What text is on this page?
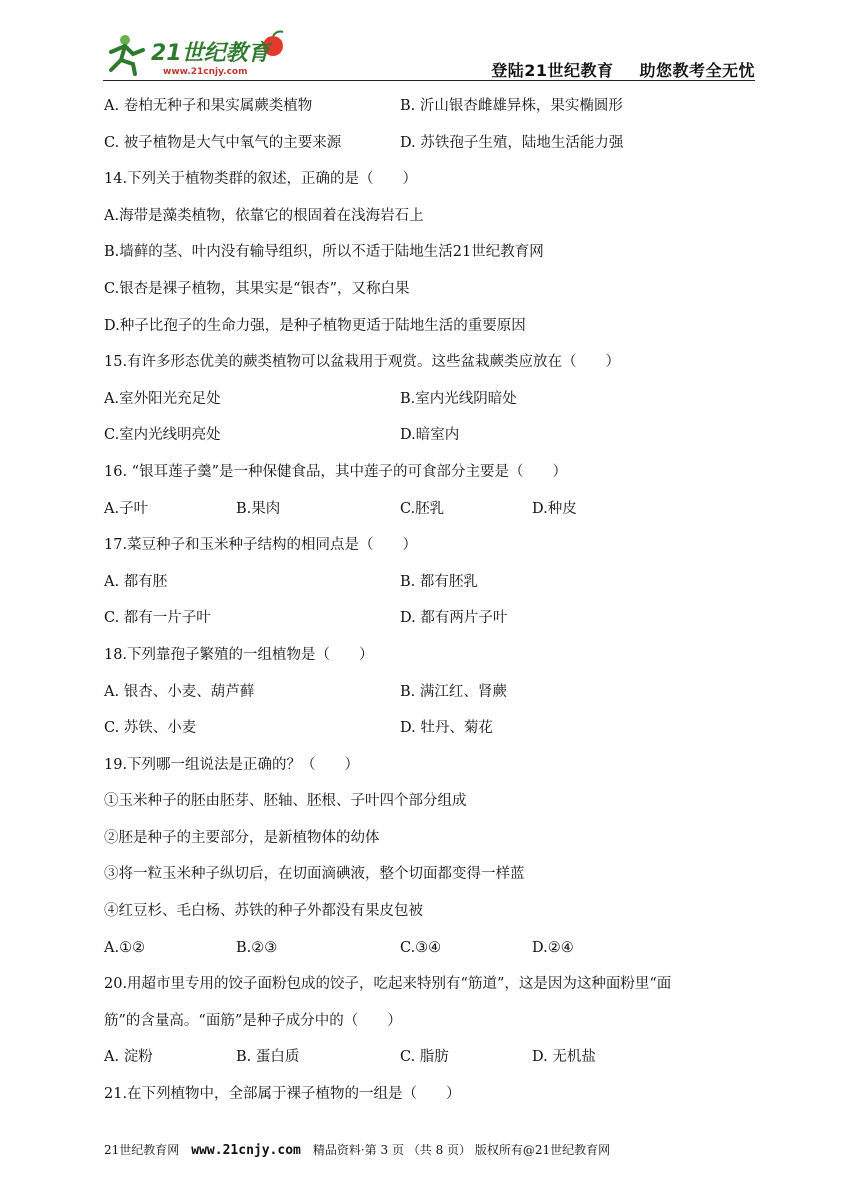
21世纪教育
www.21cnjy.com	登陆21世纪教育 助您教考全无忧
A. 卷柏无种子和果实属蕨类植物	B. 沂山银杏雌雄异株，果实椭圆形
C. 被子植物是大气中氧气的主要来源	D. 苏铁孢子生殖，陆地生活能力强
14.下列关于植物类群的叙述，正确的是（　　）
A.海带是藻类植物，依靠它的根固着在浅海岩石上
B.墙藓的茎、叶内没有输导组织，所以不适于陆地生活21世纪教育网
C.银杏是裸子植物，其果实是“银杏”，又称白果
D.种子比孢子的生命力强，是种子植物更适于陆地生活的重要原因
15.有许多形态优美的蕨类植物可以盆栽用于观赏。这些盆栽蕨类应放在（　　）
A.室外阳光充足处	B.室内光线阴暗处
C.室内光线明亮处	D.暗室内
16. “银耳莲子羹”是一种保健食品，其中莲子的可食部分主要是（　　）
A.子叶	B.果肉	C.胚乳	D.种皮
17.菜豆种子和玉米种子结构的相同点是（　　）
A. 都有胚	B. 都有胚乳
C. 都有一片子叶	D. 都有两片子叶
18.下列靠孢子繁殖的一组植物是（　　）
A. 银杏、小麦、葫芦藓	B. 满江红、肾蕨
C. 苏铁、小麦	D. 牡丹、菊花
19.下列哪一组说法是正确的？（　　）
①玉米种子的胚由胚芽、胚轴、胚根、子叶四个部分组成
②胚是种子的主要部分，是新植物体的幼体
③将一粒玉米种子纵切后，在切面滴碘液，整个切面都变得一样蓝
④红豆杉、毛白杨、苏铁的种子外都没有果皮包被
A.①②	B.②③	C.③④	D.②④
20.用超市里专用的饺子面粉包成的饺子，吃起来特别有“筋道”，这是因为这种面粉里“面
筋”的含量高。“面筋”是种子成分中的（　　）
A. 淀粉	B. 蛋白质	C. 脂肪	D. 无机盐
21.在下列植物中，全部属于裸子植物的一组是（　　）
21世纪教育网 www.21cnjy.com 精品资料·第 3 页 （共 8 页） 版权所有@21世纪教育网
